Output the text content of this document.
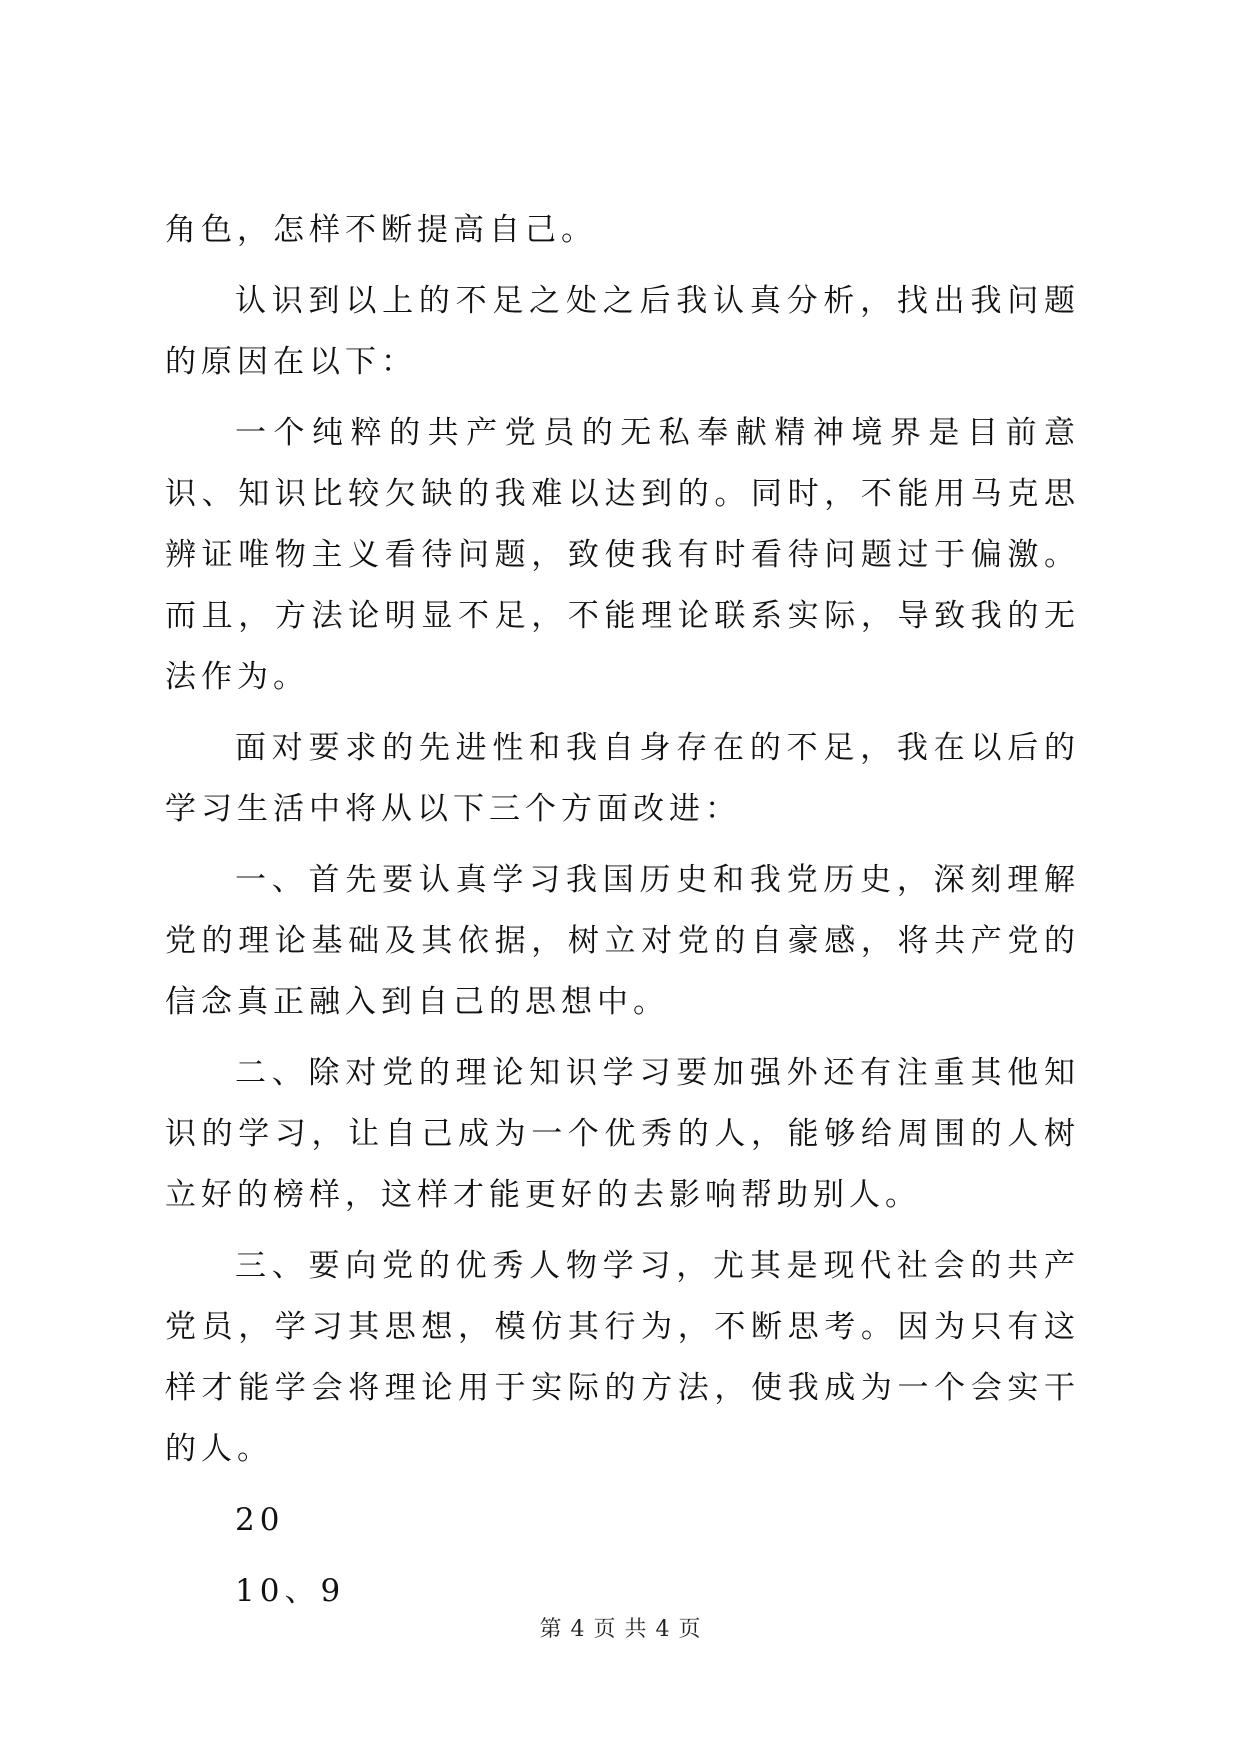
角色，怎样不断提高自己。

认识到以上的不足之处之后我认真分析，找出我问题的原因在以下：

一个纯粹的共产党员的无私奉献精神境界是目前意识、知识比较欠缺的我难以达到的。同时，不能用马克思辨证唯物主义看待问题，致使我有时看待问题过于偏激。而且，方法论明显不足，不能理论联系实际，导致我的无法作为。

面对要求的先进性和我自身存在的不足，我在以后的学习生活中将从以下三个方面改进：

一、首先要认真学习我国历史和我党历史，深刻理解党的理论基础及其依据，树立对党的自豪感，将共产党的信念真正融入到自己的思想中。

二、除对党的理论知识学习要加强外还有注重其他知识的学习，让自己成为一个优秀的人，能够给周围的人树立好的榜样，这样才能更好的去影响帮助别人。

三、要向党的优秀人物学习，尤其是现代社会的共产党员，学习其思想，模仿其行为，不断思考。因为只有这样才能学会将理论用于实际的方法，使我成为一个会实干的人。

20

10、9

第 4 页 共 4 页
